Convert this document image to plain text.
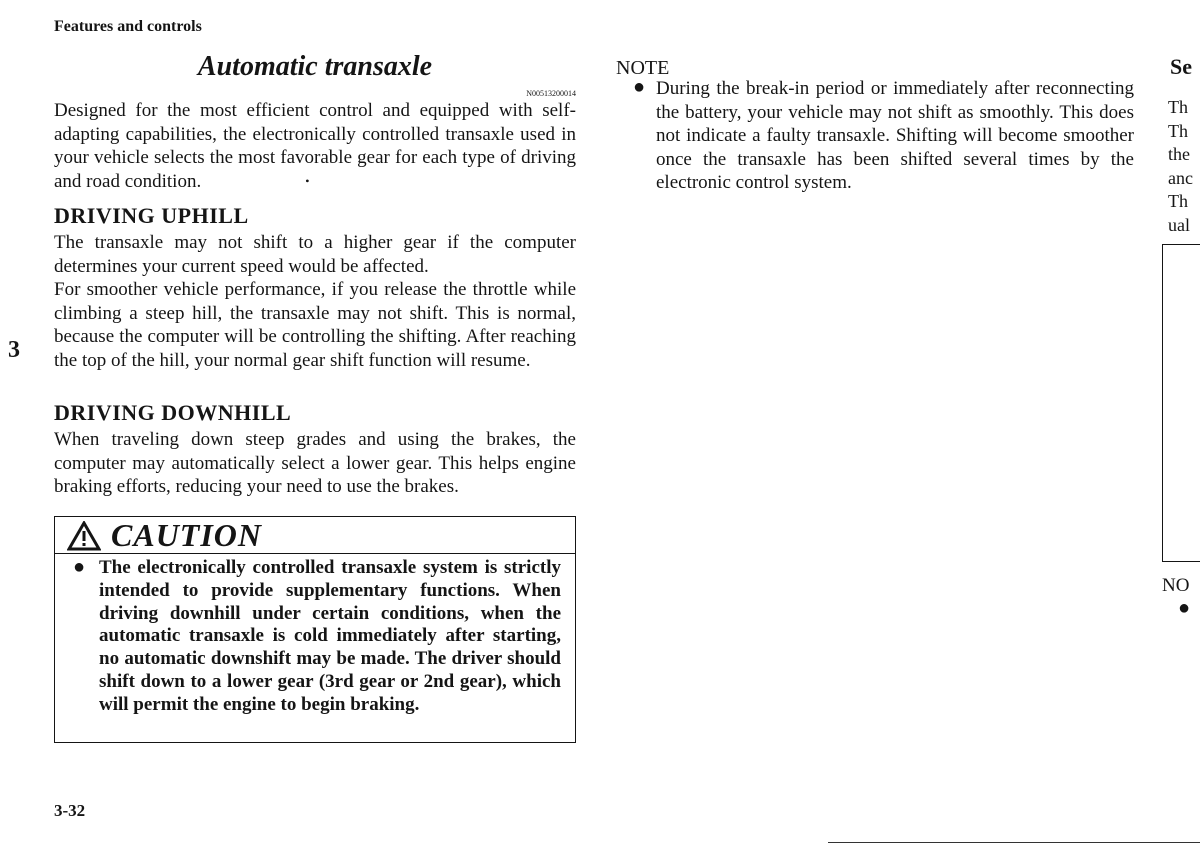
Features and controls
Automatic transaxle
N00513200014
Designed for the most efficient control and equipped with self-adapting capabilities, the electronically controlled transaxle used in your vehicle selects the most favorable gear for each type of driving and road condition.	•
DRIVING UPHILL
The transaxle may not shift to a higher gear if the computer determines your current speed would be affected.
For smoother vehicle performance, if you release the throttle while climbing a steep hill, the transaxle may not shift. This is normal, because the computer will be controlling the shifting. After reaching the top of the hill, your normal gear shift function will resume.
3
DRIVING DOWNHILL
When traveling down steep grades and using the brakes, the computer may automatically select a lower gear. This helps engine braking efforts, reducing your need to use the brakes.
CAUTION
● The electronically controlled transaxle system is strictly intended to provide supplementary functions. When driving downhill under certain conditions, when the automatic transaxle is cold immediately after starting, no automatic downshift may be made. The driver should shift down to a lower gear (3rd gear or 2nd gear), which will permit the engine to begin braking.
3-32
NOTE
● During the break-in period or immediately after reconnecting the battery, your vehicle may not shift as smoothly. This does not indicate a faulty transaxle. Shifting will become smoother once the transaxle has been shifted several times by the electronic control system.
Se
Th
Th
the
anc
Th
ual
NO
●
